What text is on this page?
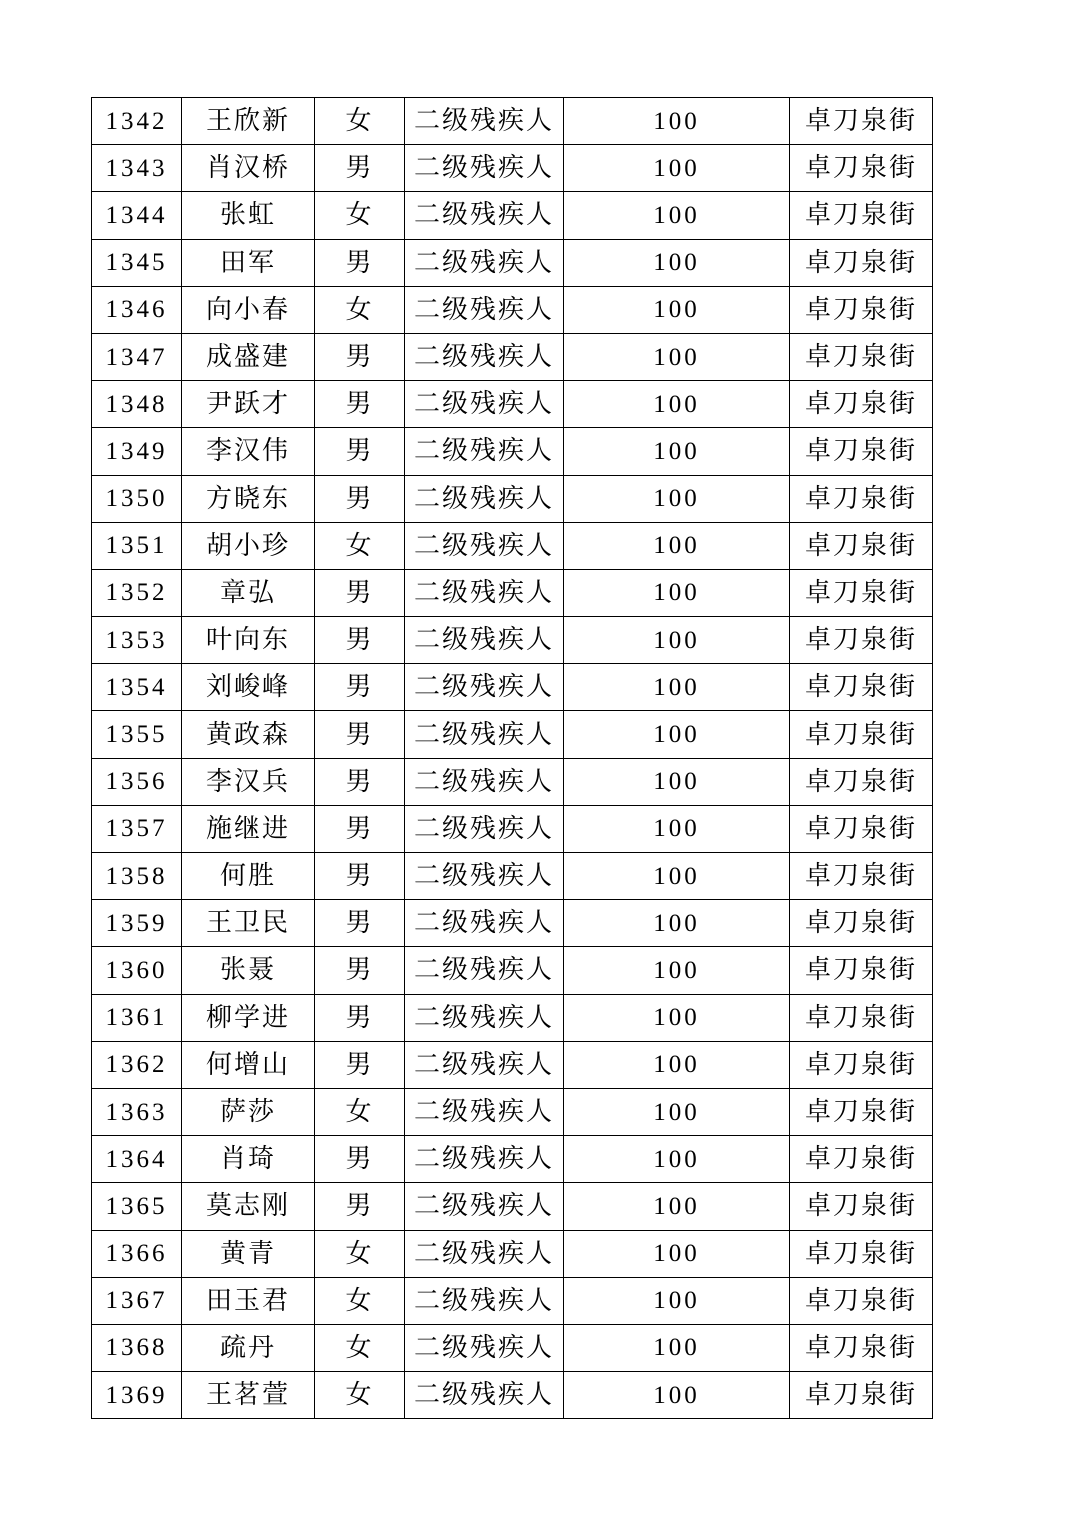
1342	王欣新	女	二级残疾人	100	卓刀泉街
1343	肖汉桥	男	二级残疾人	100	卓刀泉街
1344	张虹	女	二级残疾人	100	卓刀泉街
1345	田军	男	二级残疾人	100	卓刀泉街
1346	向小春	女	二级残疾人	100	卓刀泉街
1347	成盛建	男	二级残疾人	100	卓刀泉街
1348	尹跃才	男	二级残疾人	100	卓刀泉街
1349	李汉伟	男	二级残疾人	100	卓刀泉街
1350	方晓东	男	二级残疾人	100	卓刀泉街
1351	胡小珍	女	二级残疾人	100	卓刀泉街
1352	章弘	男	二级残疾人	100	卓刀泉街
1353	叶向东	男	二级残疾人	100	卓刀泉街
1354	刘峻峰	男	二级残疾人	100	卓刀泉街
1355	黄政森	男	二级残疾人	100	卓刀泉街
1356	李汉兵	男	二级残疾人	100	卓刀泉街
1357	施继进	男	二级残疾人	100	卓刀泉街
1358	何胜	男	二级残疾人	100	卓刀泉街
1359	王卫民	男	二级残疾人	100	卓刀泉街
1360	张聂	男	二级残疾人	100	卓刀泉街
1361	柳学进	男	二级残疾人	100	卓刀泉街
1362	何增山	男	二级残疾人	100	卓刀泉街
1363	萨莎	女	二级残疾人	100	卓刀泉街
1364	肖琦	男	二级残疾人	100	卓刀泉街
1365	莫志刚	男	二级残疾人	100	卓刀泉街
1366	黄青	女	二级残疾人	100	卓刀泉街
1367	田玉君	女	二级残疾人	100	卓刀泉街
1368	疏丹	女	二级残疾人	100	卓刀泉街
1369	王茗萱	女	二级残疾人	100	卓刀泉街
